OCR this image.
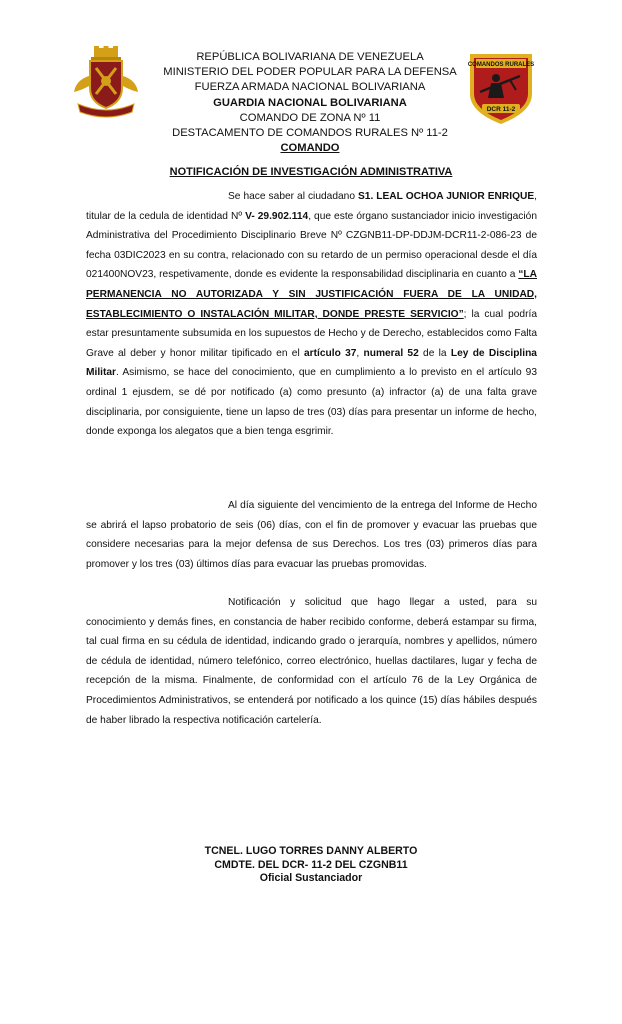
REPÚBLICA BOLIVARIANA DE VENEZUELA
MINISTERIO DEL PODER POPULAR PARA LA DEFENSA
FUERZA ARMADA NACIONAL BOLIVARIANA
GUARDIA NACIONAL BOLIVARIANA
COMANDO DE ZONA Nº 11
DESTACAMENTO DE COMANDOS RURALES Nº 11-2
COMANDO
COMANDOS RURALES
DCR 11-2
NOTIFICACIÓN DE INVESTIGACIÓN ADMINISTRATIVA

Se hace saber al ciudadano S1. LEAL OCHOA JUNIOR ENRIQUE, titular de la cedula de identidad Nº V- 29.902.114, que este órgano sustanciador inicio investigación Administrativa del Procedimiento Disciplinario Breve Nº CZGNB11-DP-DDJM-DCR11-2-086-23 de fecha 03DIC2023 en su contra, relacionado con su retardo de un permiso operacional desde el día 021400NOV23, respetivamente, donde es evidente la responsabilidad disciplinaria en cuanto a “LA PERMANENCIA NO AUTORIZADA Y SIN JUSTIFICACIÓN FUERA DE LA UNIDAD, ESTABLECIMIENTO O INSTALACIÓN MILITAR, DONDE PRESTE SERVICIO”; la cual podría estar presuntamente subsumida en los supuestos de Hecho y de Derecho, establecidos como Falta Grave al deber y honor militar tipificado en el artículo 37, numeral 52 de la Ley de Disciplina Militar. Asimismo, se hace del conocimiento, que en cumplimiento a lo previsto en el artículo 93 ordinal 1 ejusdem, se dé por notificado (a) como presunto (a) infractor (a) de una falta grave disciplinaria, por consiguiente, tiene un lapso de tres (03) días para presentar un informe de hecho, donde exponga los alegatos que a bien tenga esgrimir.

Al día siguiente del vencimiento de la entrega del Informe de Hecho se abrirá el lapso probatorio de seis (06) días, con el fin de promover y evacuar las pruebas que considere necesarias para la mejor defensa de sus Derechos. Los tres (03) primeros días para promover y los tres (03) últimos días para evacuar las pruebas promovidas.

Notificación y solicitud que hago llegar a usted, para su conocimiento y demás fines, en constancia de haber recibido conforme, deberá estampar su firma, tal cual firma en su cédula de identidad, indicando grado o jerarquía, nombres y apellidos, número de cédula de identidad, número telefónico, correo electrónico, huellas dactilares, lugar y fecha de recepción de la misma. Finalmente, de conformidad con el artículo 76 de la Ley Orgánica de Procedimientos Administrativos, se entenderá por notificado a los quince (15) días hábiles después de haber librado la respectiva notificación cartelería.

TCNEL. LUGO TORRES DANNY ALBERTO
CMDTE. DEL DCR- 11-2 DEL CZGNB11
Oficial Sustanciador
